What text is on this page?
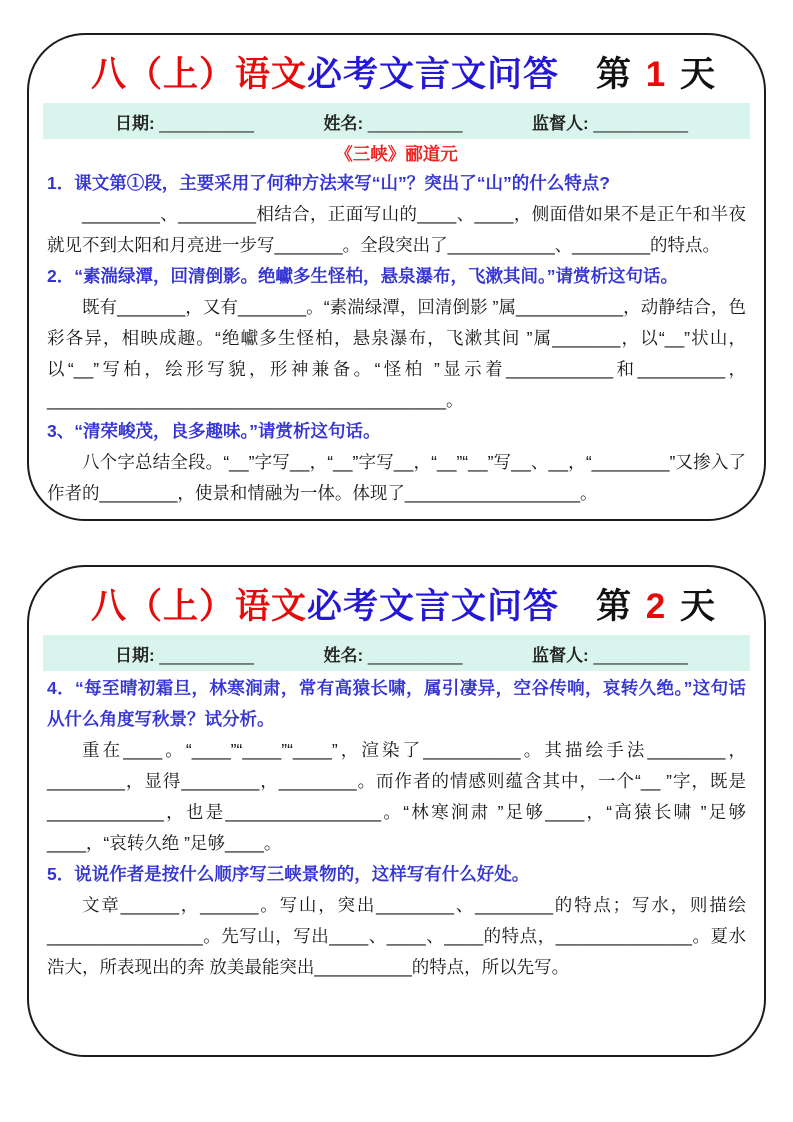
八（上）语文 必考文言文问答 第 1 天
日期: __________	姓名: __________	监督人: __________
《三峡》郦道元

1．课文第①段，主要采用了何种方法来写“山”？突出了“山”的什么特点?

________、________相结合，正面写山的____、____，侧面借如果不是正午和半夜就见不到太阳和月亮进一步写_______。全段突出了___________、________的特点。

2．“素湍绿潭，回清倒影。绝巘多生怪柏，悬泉瀑布，飞漱其间。”请赏析这句话。

既有_______，又有_______。“素湍绿潭，回清倒影 ”属___________，动静结合，色彩各异，相映成趣。“绝巘多生怪柏，悬泉瀑布，飞漱其间 ”属_______，以“__”状山，以“__”写柏，绘形写貌，形神兼备。“怪柏 ”显示着___________和_________，_________________________________________。

3、“清荣峻茂，良多趣味。”请赏析这句话。

八个字总结全段。“__”字写__，“__”字写__，“__”“__”写__、__，“________”又掺入了作者的________，使景和情融为一体。体现了__________________。

八（上）语文 必考文言文问答 第 2 天
日期: __________	姓名: __________	监督人: __________

4．“每至晴初霜旦，林寒涧肃，常有高猿长啸，属引凄异，空谷传响，哀转久绝。”这句话从什么角度写秋景？试分析。

重在____。“____”“____”“____”，渲染了__________。其描绘手法________，________，显得________，________。而作者的情感则蕴含其中，一个“__ ”字，既是____________，也是________________。“林寒涧肃 ”足够____，“高猿长啸 ”足够____，“哀转久绝 ”足够____。

5．说说作者是按什么顺序写三峡景物的，这样写有什么好处。

文章______，______。写山，突出________、________的特点；写水，则描绘________________。先写山，写出____、____、____的特点，______________。夏水浩大，所表现出的奔 放美最能突出__________的特点，所以先写。
